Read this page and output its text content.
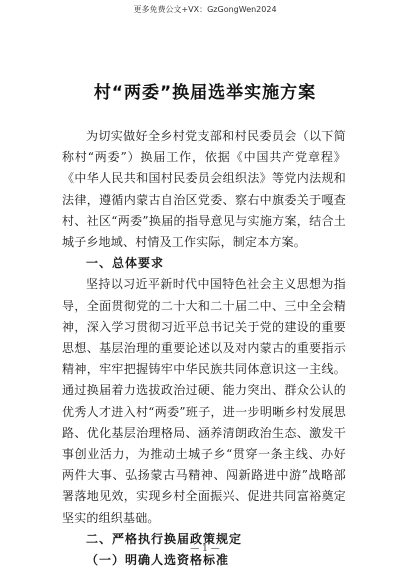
更多免费公文+VX：GzGongWen2024
村“两委”换届选举实施方案

为切实做好全乡村党支部和村民委员会（以下简称村“两委”）换届工作，依据《中国共产党章程》《中华人民共和国村民委员会组织法》等党内法规和法律，遵循内蒙古自治区党委、察右中旗委关于嘎查村、社区“两委”换届的指导意见与实施方案，结合土城子乡地域、村情及工作实际，制定本方案。

一、总体要求

坚持以习近平新时代中国特色社会主义思想为指导，全面贯彻党的二十大和二十届二中、三中全会精神，深入学习贯彻习近平总书记关于党的建设的重要思想、基层治理的重要论述以及对内蒙古的重要指示精神，牢牢把握铸牢中华民族共同体意识这一主线。通过换届着力选拔政治过硬、能力突出、群众公认的优秀人才进入村“两委”班子，进一步明晰乡村发展思路、优化基层治理格局、涵养清朗政治生态、激发干事创业活力，为推动土城子乡“贯穿一条主线、办好两件大事、弘扬蒙古马精神、闯新路进中游”战略部署落地见效，实现乡村全面振兴、促进共同富裕奠定坚实的组织基础。

二、严格执行换届政策规定

（一）明确人选资格标准

— 1 —
